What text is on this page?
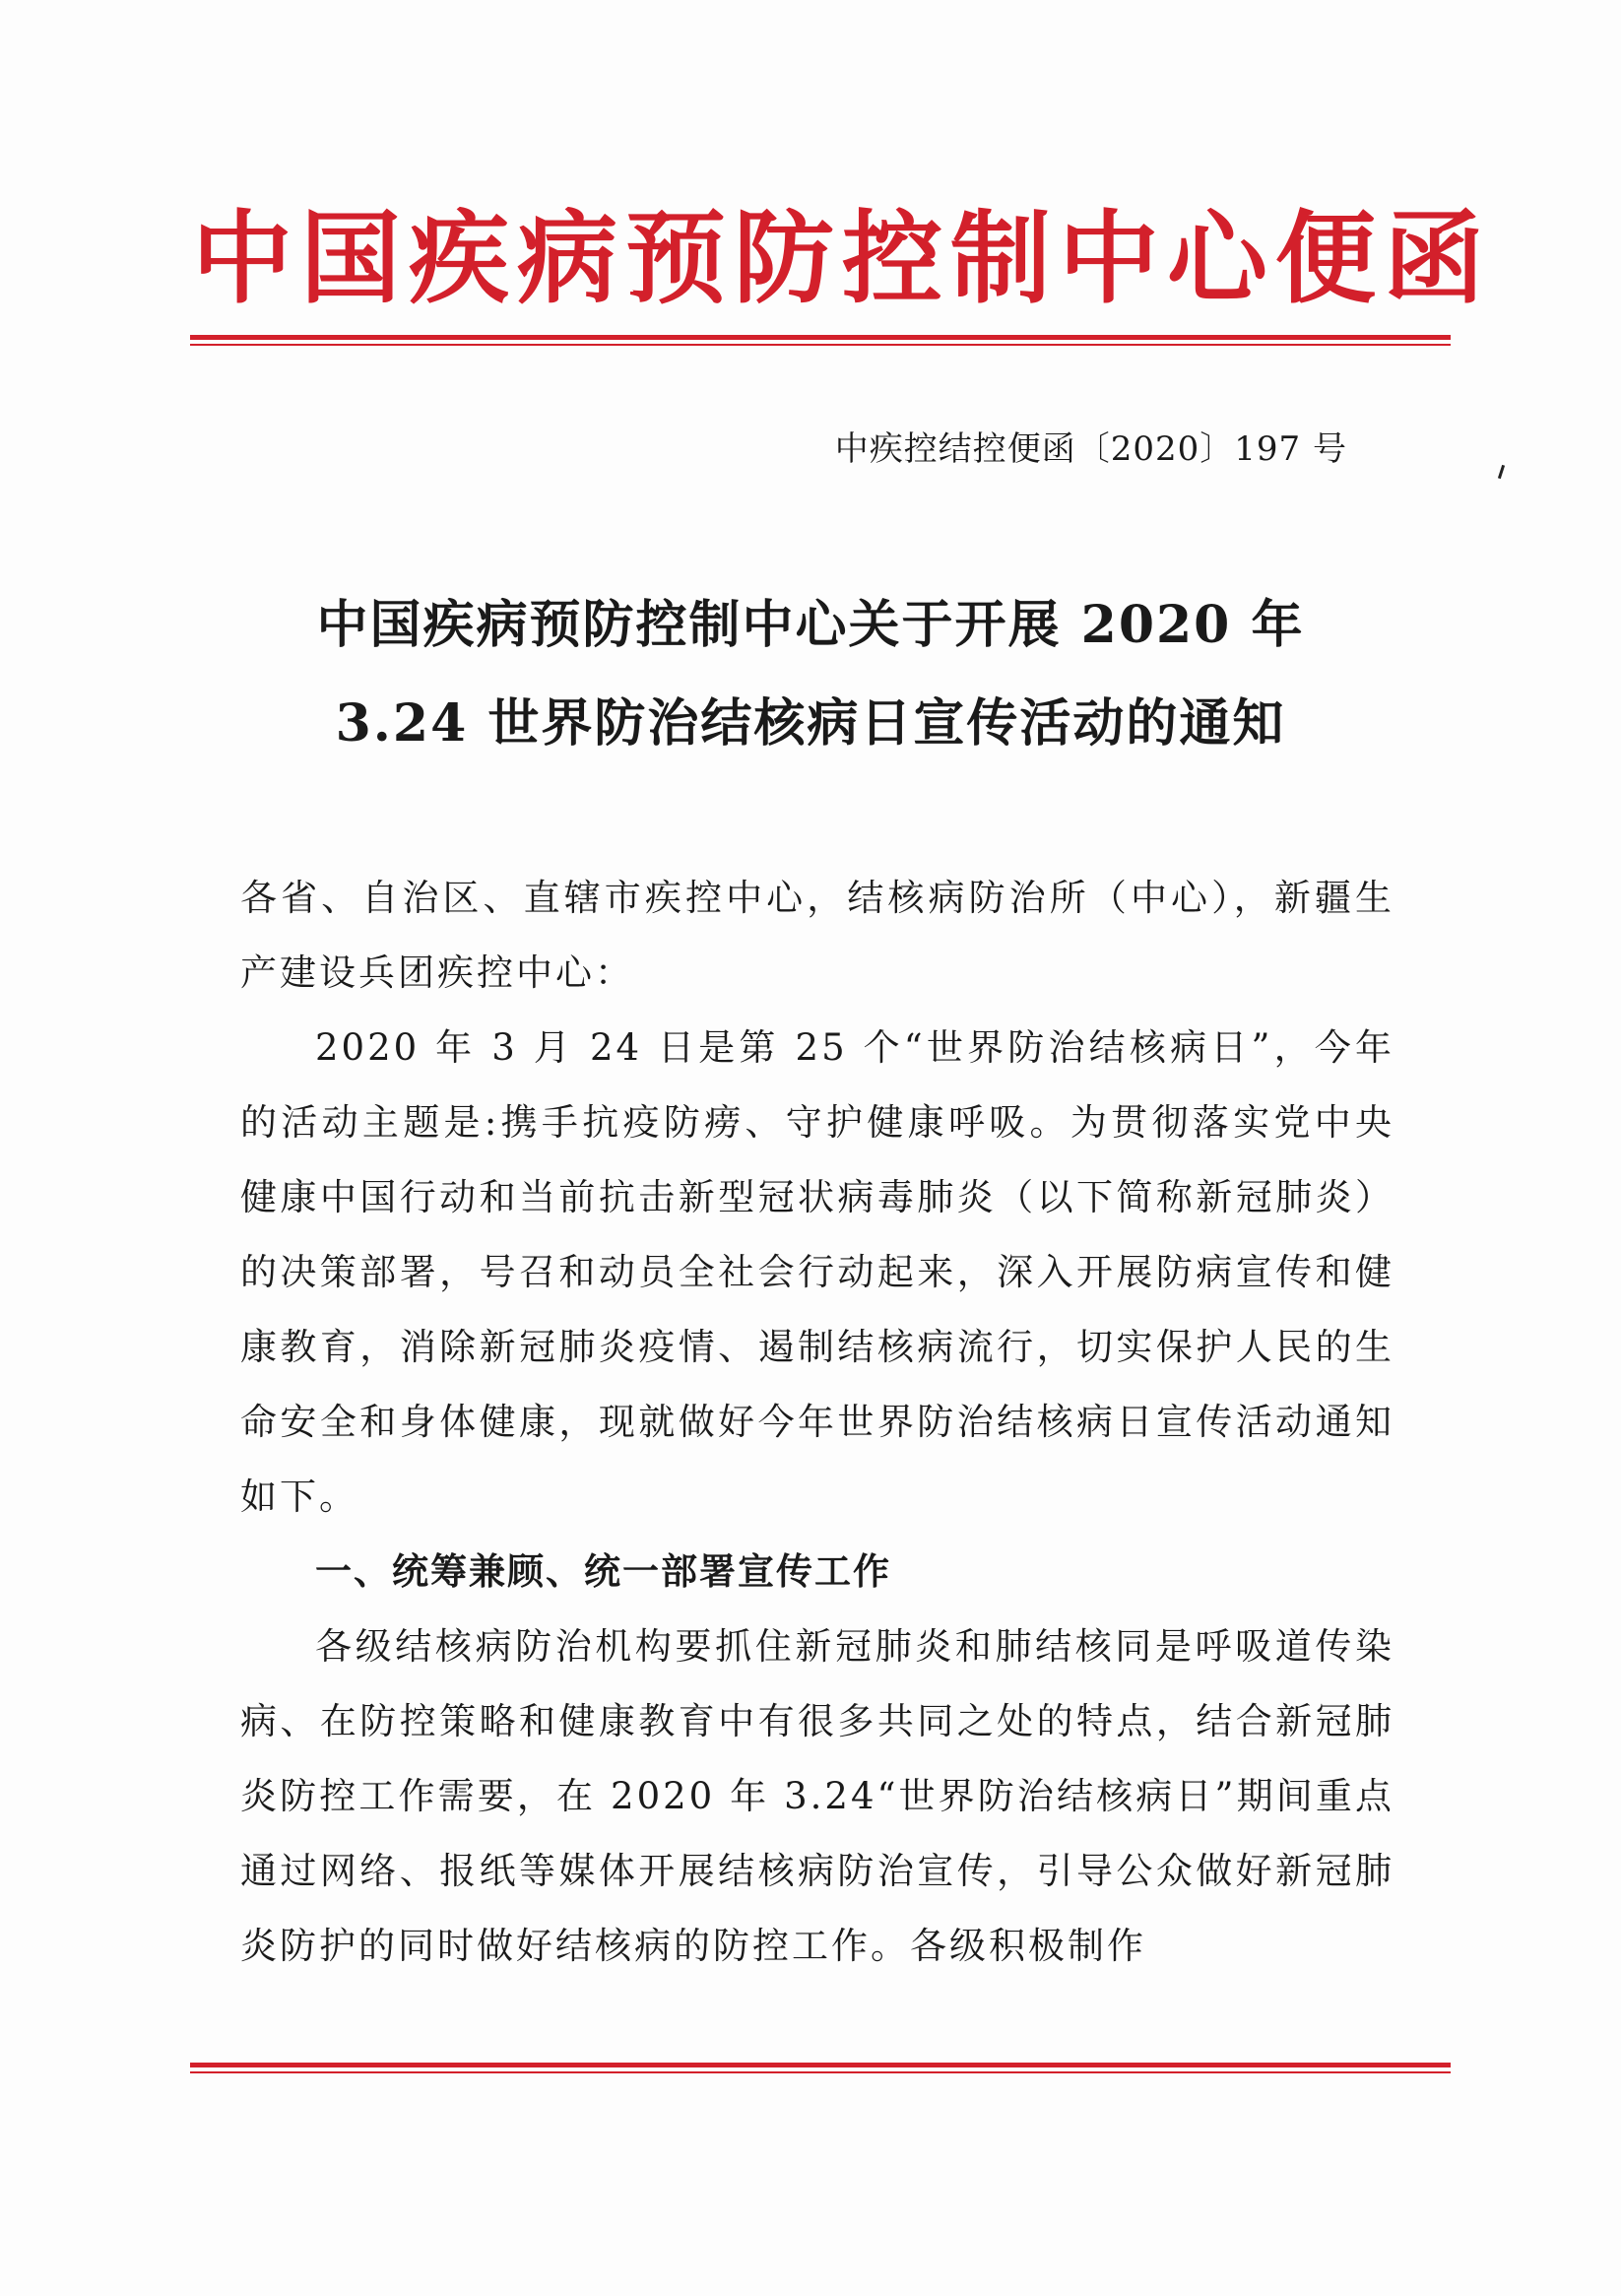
中国疾病预防控制中心便函
中疾控结控便函〔2020〕197 号
中国疾病预防控制中心关于开展 2020 年
3.24 世界防治结核病日宣传活动的通知

各省、自治区、直辖市疾控中心，结核病防治所（中心），新疆生产建设兵团疾控中心：

2020 年 3 月 24 日是第 25 个“世界防治结核病日”，今年的活动主题是:携手抗疫防痨、守护健康呼吸。为贯彻落实党中央健康中国行动和当前抗击新型冠状病毒肺炎（以下简称新冠肺炎）的决策部署，号召和动员全社会行动起来，深入开展防病宣传和健康教育，消除新冠肺炎疫情、遏制结核病流行，切实保护人民的生命安全和身体健康，现就做好今年世界防治结核病日宣传活动通知如下。

一、统筹兼顾、统一部署宣传工作

各级结核病防治机构要抓住新冠肺炎和肺结核同是呼吸道传染病、在防控策略和健康教育中有很多共同之处的特点，结合新冠肺炎防控工作需要，在 2020 年 3.24“世界防治结核病日”期间重点通过网络、报纸等媒体开展结核病防治宣传，引导公众做好新冠肺炎防护的同时做好结核病的防控工作。各级积极制作
